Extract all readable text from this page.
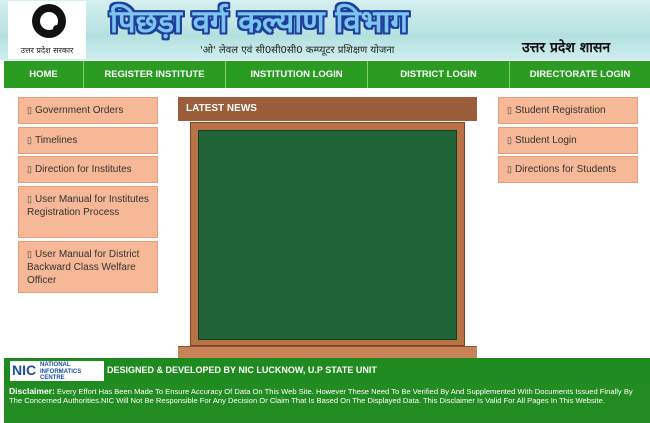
उत्तर प्रदेश सरकार
पिछड़ा वर्ग कल्याण विभाग
'ओ' लेवल एवं सी0सी0सी0 कम्प्यूटर प्रशिक्षण योजना	उत्तर प्रदेश शासन
HOME	REGISTER INSTITUTE	INSTITUTION LOGIN	DISTRICT LOGIN	DIRECTORATE LOGIN
▯ Government Orders
▯ Timelines
▯ Direction for Institutes
▯ User Manual for Institutes Registration Process
▯ User Manual for District Backward Class Welfare Officer
▯ Student Registration
▯ Student Login
▯ Directions for Students
LATEST NEWS
NIC NATIONAL
INFORMATICS
CENTRE
DESIGNED & DEVELOPED BY NIC LUCKNOW, U.P STATE UNIT
Disclaimer: Every Effort Has Been Made To Ensure Accuracy Of Data On This Web Site. However These Need To Be Verified By And Supplemented With Documents Issued Finally By The Concerned Authorities.NIC Will Not Be Responsible For Any Decision Or Claim That Is Based On The Displayed Data. This Disclaimer Is Valid For All Pages In This Website.
